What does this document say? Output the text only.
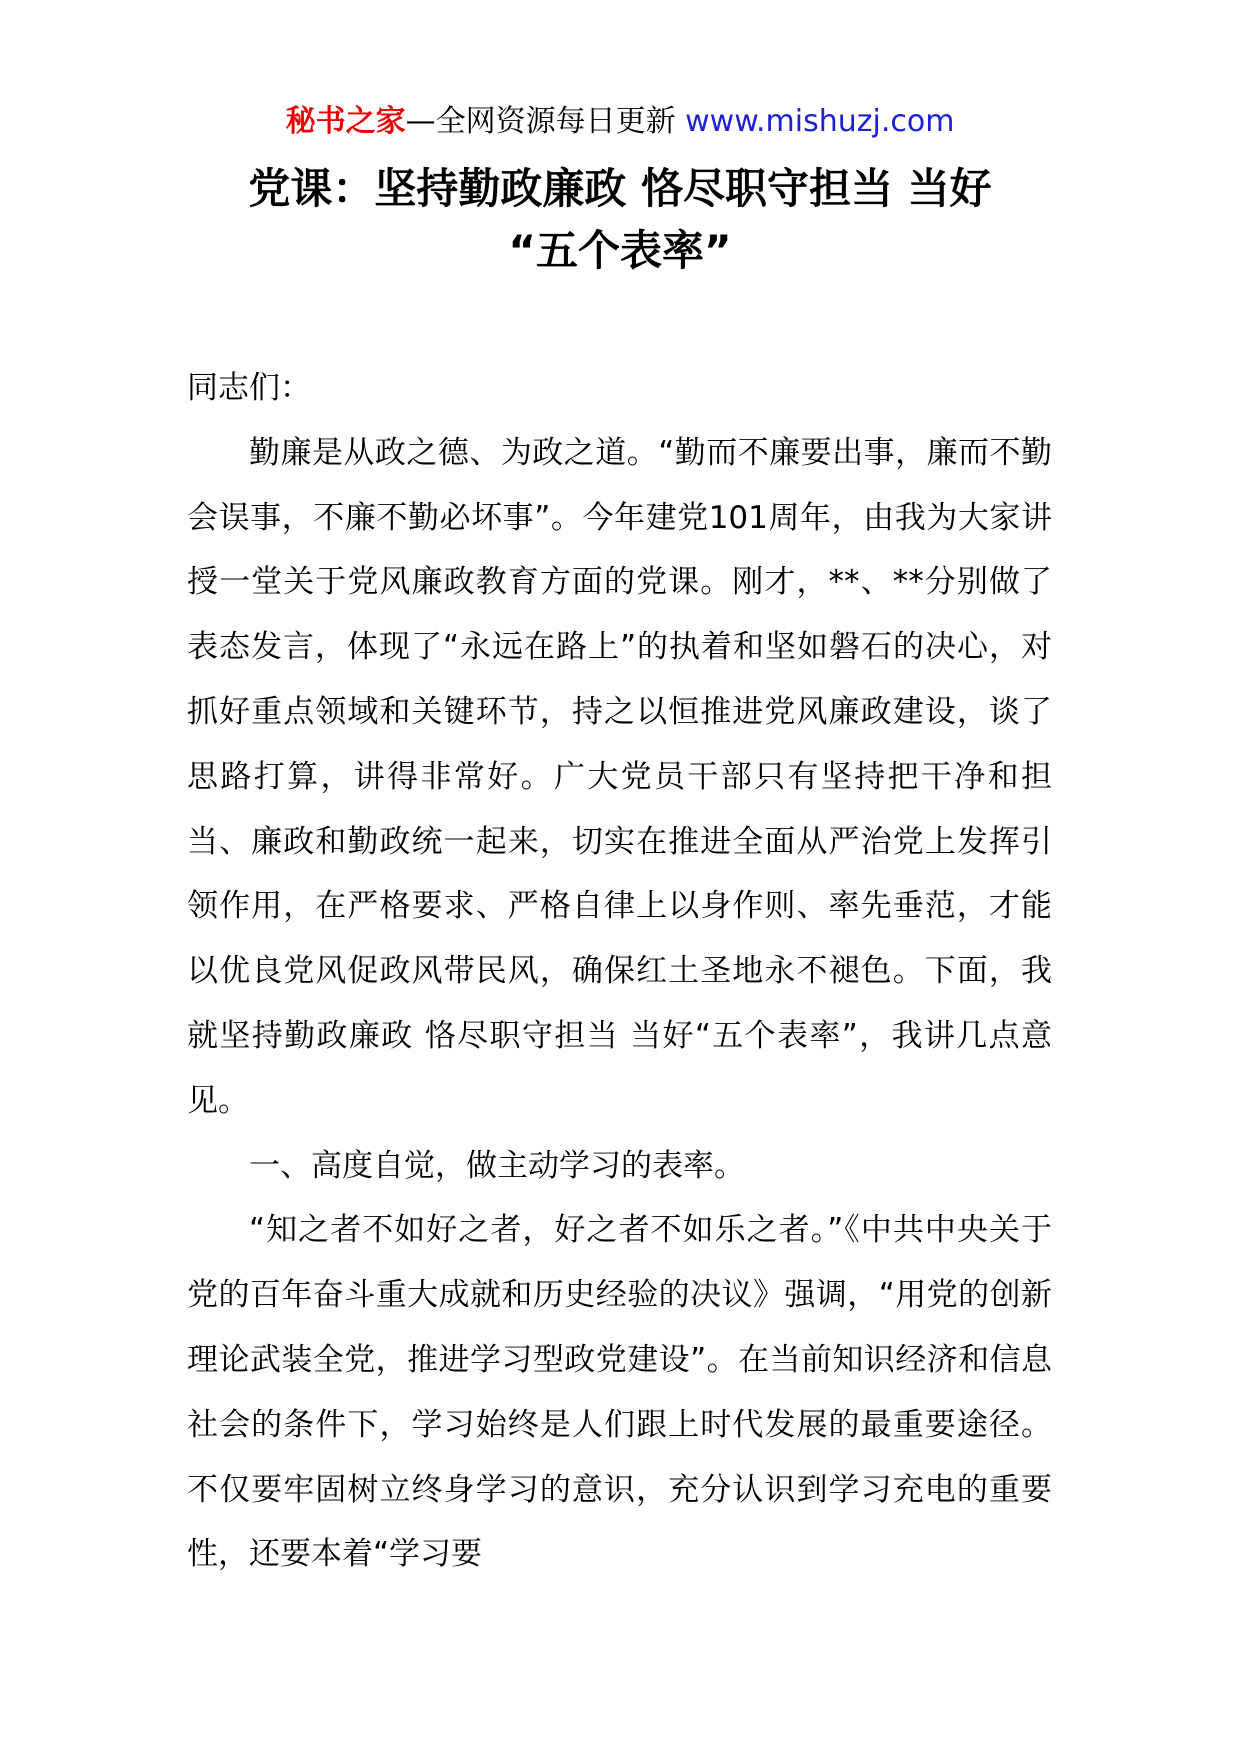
秘书之家—全网资源每日更新 www.mishuzj.com
党课：坚持勤政廉政 恪尽职守担当 当好
“五个表率”

同志们：

勤廉是从政之德、为政之道。“勤而不廉要出事，廉而不勤会误事，不廉不勤必坏事”。今年建党101周年，由我为大家讲授一堂关于党风廉政教育方面的党课。刚才，**、**分别做了表态发言，体现了“永远在路上”的执着和坚如磐石的决心，对抓好重点领域和关键环节，持之以恒推进党风廉政建设，谈了思路打算，讲得非常好。广大党员干部只有坚持把干净和担当、廉政和勤政统一起来，切实在推进全面从严治党上发挥引领作用，在严格要求、严格自律上以身作则、率先垂范，才能以优良党风促政风带民风，确保红土圣地永不褪色。下面，我就坚持勤政廉政 恪尽职守担当 当好“五个表率”，我讲几点意见。

一、高度自觉，做主动学习的表率。

“知之者不如好之者，好之者不如乐之者。”《中共中央关于党的百年奋斗重大成就和历史经验的决议》强调，“用党的创新理论武装全党，推进学习型政党建设”。在当前知识经济和信息社会的条件下，学习始终是人们跟上时代发展的最重要途径。不仅要牢固树立终身学习的意识，充分认识到学习充电的重要性，还要本着“学习要
